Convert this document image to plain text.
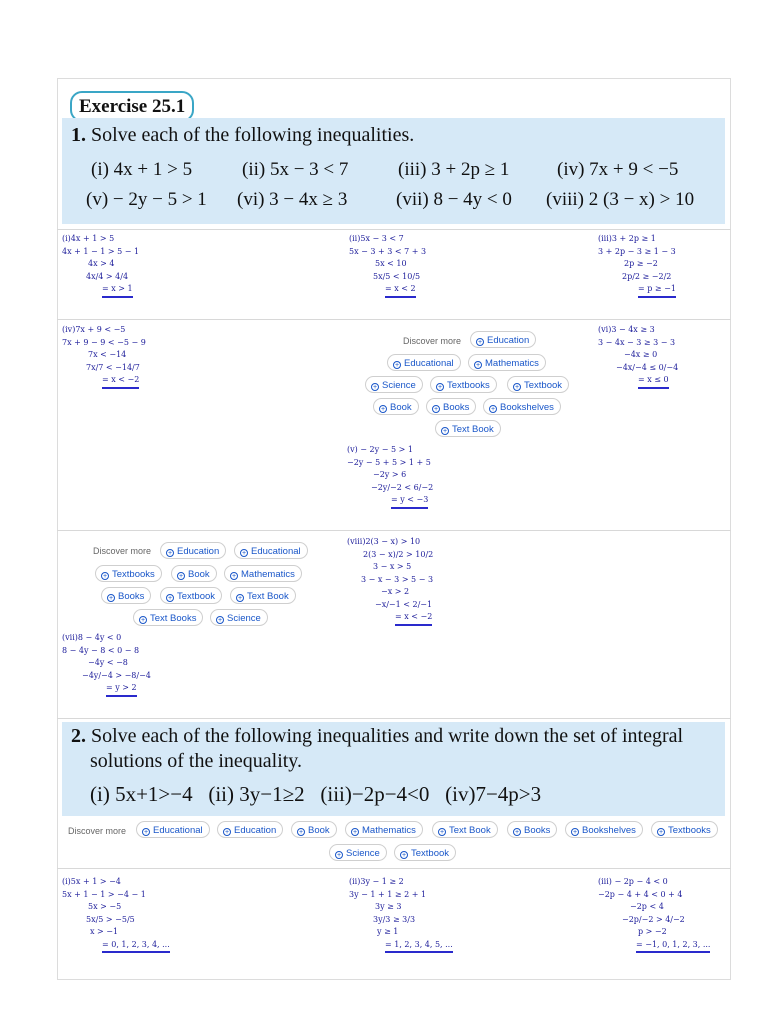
Exercise 25.1
1. Solve each of the following inequalities.
(i) 4x + 1 > 5	(ii) 5x − 3 < 7	(iii) 3 + 2p ≥ 1	(iv) 7x + 9 < −5
(v) − 2y − 5 > 1 (vi) 3 − 4x ≥ 3	(vii) 8 − 4y < 0 (viii) 2 (3 − x) > 10
(i)4x + 1 > 5
4x + 1 − 1 > 5 − 1
4x > 4
4x/4 > 4/4
= x > 1
(ii)5x − 3 < 7
5x − 3 + 3 < 7 + 3
5x < 10
5x/5 < 10/5
= x < 2
(iii)3 + 2p ≥ 1
3 + 2p − 3 ≥ 1 − 3
2p ≥ −2
2p/2 ≥ −2/2
= p ≥ −1
(iv)7x + 9 < −5
7x + 9 − 9 < −5 − 9
7x < −14
7x/7 < −14/7
= x < −2
(vi)3 − 4x ≥ 3
3 − 4x − 3 ≥ 3 − 3
−4x ≥ 0
−4x/−4 ≤ 0/−4
= x ≤ 0
(v) − 2y − 5 > 1
−2y − 5 + 5 > 1 + 5
−2y > 6
−2y/−2 < 6/−2
= y < −3
(viii)2(3 − x) > 10
2(3 − x)/2 > 10/2
3 − x > 5
3 − x − 3 > 5 − 3
−x > 2
−x/−1 < 2/−1
= x < −2
(vii)8 − 4y < 0
8 − 4y − 8 < 0 − 8
−4y < −8
−4y/−4 > −8/−4
= y > 2
Discover more	+ Education
+ Educational	+ Mathematics
+ Science	+ Textbooks	+ Textbook
+ Book	+ Books	+ Bookshelves
+ Text Book
Discover more	+ Education	+ Educational
+ Textbooks	+ Book	+ Mathematics
+ Books	+ Textbook	+ Text Book
+ Text Books	+ Science
2. Solve each of the following inequalities and write down the set of integral
solutions of the inequality.
(i) 5x+1>−4   (ii) 3y−1≥2   (iii)−2p−4<0   (iv)7−4p>3
Discover more	+ Educational	+ Education	+ Book	+ Mathematics	+ Text Book	+ Books	+ Bookshelves	+ Textbooks
+ Science	+ Textbook
(i)5x + 1 > −4
5x + 1 − 1 > −4 − 1
5x > −5
5x/5 > −5/5
x > −1
= 0, 1, 2, 3, 4, ...
(ii)3y − 1 ≥ 2
3y − 1 + 1 ≥ 2 + 1
3y ≥ 3
3y/3 ≥ 3/3
y ≥ 1
= 1, 2, 3, 4, 5, ...
(iii) − 2p − 4 < 0
−2p − 4 + 4 < 0 + 4
−2p < 4
−2p/−2 > 4/−2
p > −2
= −1, 0, 1, 2, 3, ...
